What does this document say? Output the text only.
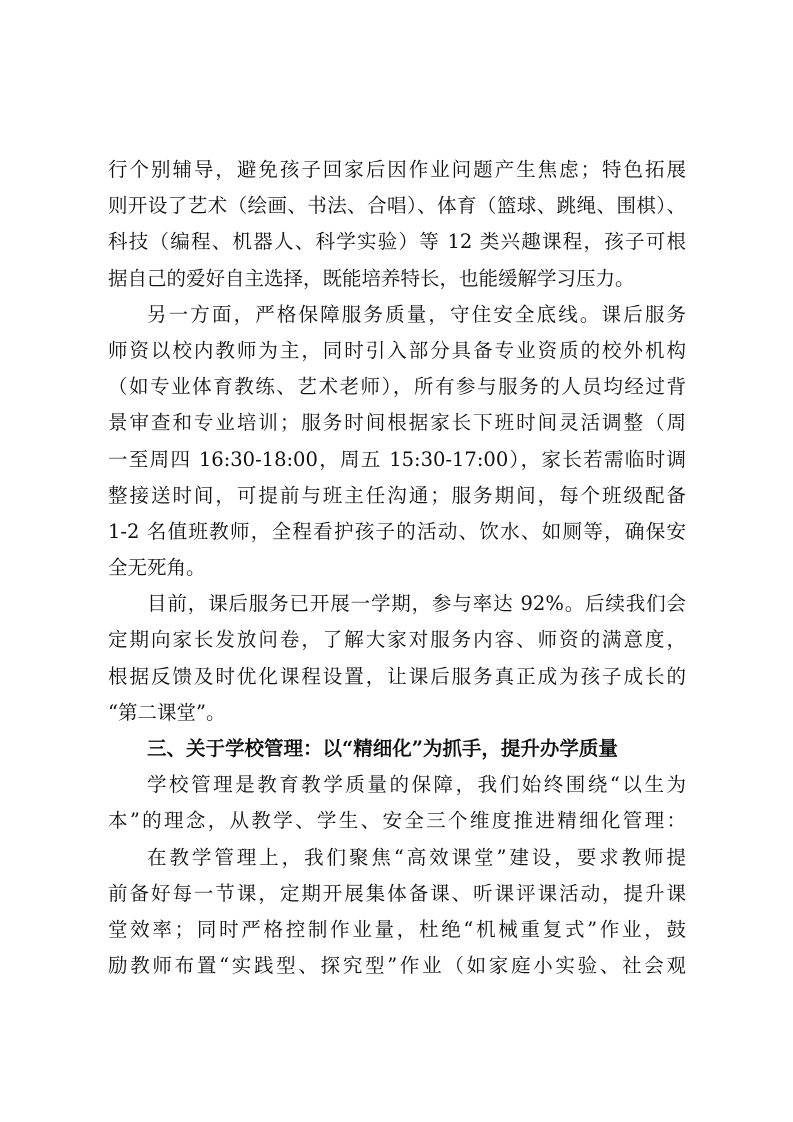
行个别辅导，避免孩子回家后因作业问题产生焦虑；特色拓展
则开设了艺术（绘画、书法、合唱）、体育（篮球、跳绳、围棋）、
科技（编程、机器人、科学实验）等 12 类兴趣课程，孩子可根
据自己的爱好自主选择，既能培养特长，也能缓解学习压力。
另一方面，严格保障服务质量，守住安全底线。课后服务
师资以校内教师为主，同时引入部分具备专业资质的校外机构
（如专业体育教练、艺术老师），所有参与服务的人员均经过背
景审查和专业培训；服务时间根据家长下班时间灵活调整（周
一至周四 16:30-18:00，周五 15:30-17:00），家长若需临时调
整接送时间，可提前与班主任沟通；服务期间，每个班级配备
1-2 名值班教师，全程看护孩子的活动、饮水、如厕等，确保安
全无死角。
目前，课后服务已开展一学期，参与率达 92%。后续我们会
定期向家长发放问卷，了解大家对服务内容、师资的满意度，
根据反馈及时优化课程设置，让课后服务真正成为孩子成长的
“第二课堂”。
三、关于学校管理：以“精细化”为抓手，提升办学质量
学校管理是教育教学质量的保障，我们始终围绕“以生为
本”的理念，从教学、学生、安全三个维度推进精细化管理：
在教学管理上，我们聚焦“高效课堂”建设，要求教师提
前备好每一节课，定期开展集体备课、听课评课活动，提升课
堂效率；同时严格控制作业量，杜绝“机械重复式”作业，鼓
励教师布置“实践型、探究型”作业（如家庭小实验、社会观
